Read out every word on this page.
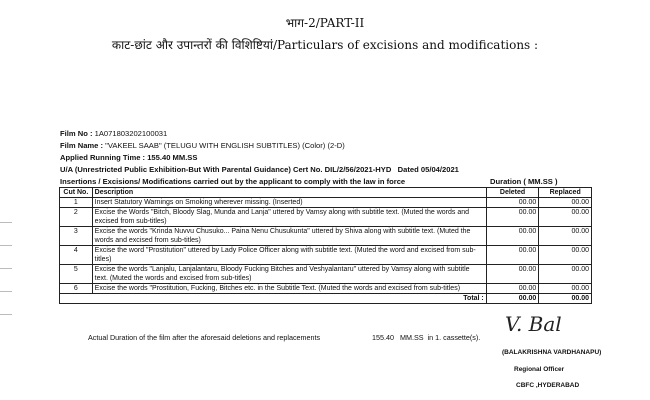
भाग-2/PART-II
काट-छांट और उपान्तरों की विशिष्टियां/Particulars of excisions and modifications :
Film No : 1A071803202100031
Film Name : "VAKEEL SAAB" (TELUGU WITH ENGLISH SUBTITLES) (Color) (2-D)
Applied Running Time : 155.40 MM.SS
U/A (Unrestricted Public Exhibition-But With Parental Guidance) Cert No. DIL/2/56/2021-HYD Dated 05/04/2021
Insertions / Excisions/ Modifications carried out by the applicant to comply with the law in force	Duration ( MM.SS )
Cut No.	Description	Deleted	Replaced
1	Insert Statutory Warnings on Smoking wherever missing. (Inserted)	00.00	00.00
2	Excise the Words "Bitch, Bloody Slag, Munda and Lanja" uttered by Vamsy along with subtitle text. (Muted the words and excised from sub-titles)	00.00	00.00
3	Excise the words "Krinda Nuvvu Chusuko... Paina Nenu Chusukunta" uttered by Shiva along with subtitle text. (Muted the words and excised from sub-titles)	00.00	00.00
4	Excise the word "Prostitution" uttered by Lady Police Officer along with subtitle text. (Muted the word and excised from sub-titles)	00.00	00.00
5	Excise the words "Lanjalu, Lanjalantaru, Bloody Fucking Bitches and Veshyalantaru" uttered by Vamsy along with subtitle text. (Muted the words and excised from sub-titles)	00.00	00.00
6	Excise the words "Prostitution, Fucking, Bitches etc. in the Subtitle Text. (Muted the words and excised from sub-titles)	00.00	00.00
Total :		00.00	00.00
Actual Duration of the film after the aforesaid deletions and replacements	155.40 MM.SS in 1. cassette(s).
V. Bal
(BALAKRISHNA VARDHANAPU)
Regional Officer
CBFC ,HYDERABAD
